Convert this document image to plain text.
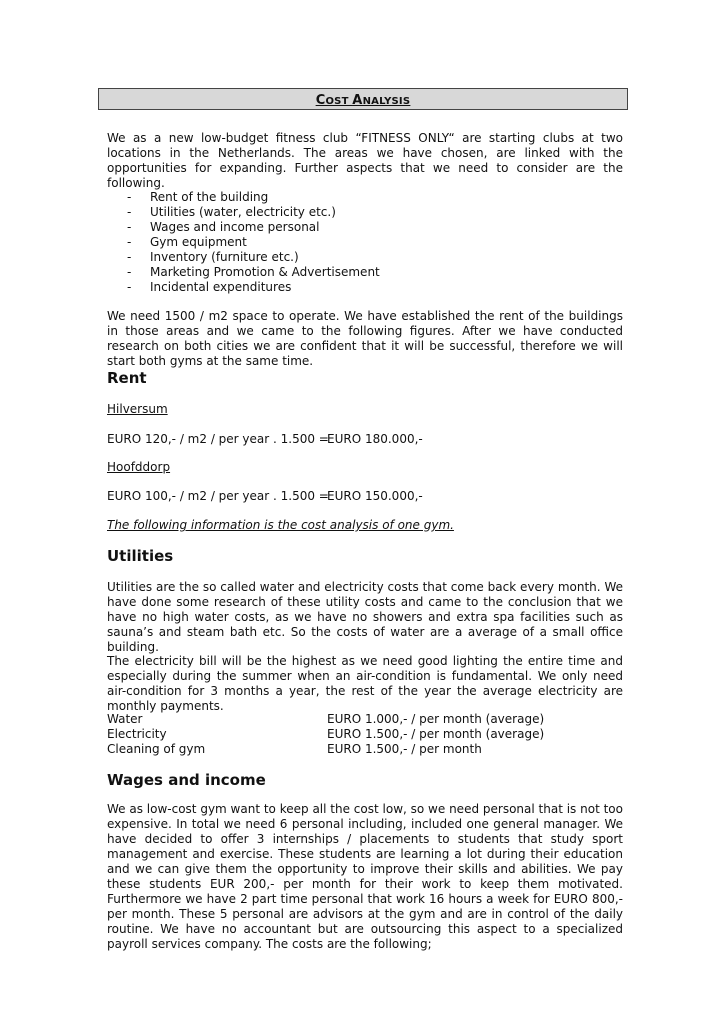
COST ANALYSIS

We as a new low-budget fitness club “FITNESS ONLY“ are starting clubs at two locations in the Netherlands. The areas we have chosen, are linked with the opportunities for expanding. Further aspects that we need to consider are the following.

- Rent of the building
- Utilities (water, electricity etc.)
- Wages and income personal
- Gym equipment
- Inventory (furniture etc.)
- Marketing Promotion & Advertisement
- Incidental expenditures

We need 1500 / m2 space to operate. We have established the rent of the buildings in those areas and we came to the following figures. After we have conducted research on both cities we are confident that it will be successful, therefore we will start both gyms at the same time.

Rent
Hilversum
EURO 120,- / m2 / per year . 1.500 =
EURO 180.000,-
Hoofddorp
EURO 100,- / m2 / per year . 1.500 =
EURO 150.000,-
The following information is the cost analysis of one gym.
Utilities

Utilities are the so called water and electricity costs that come back every month. We have done some research of these utility costs and came to the conclusion that we have no high water costs, as we have no showers and extra spa facilities such as sauna’s and steam bath etc. So the costs of water are a average of a small office building.

The electricity bill will be the highest as we need good lighting the entire time and especially during the summer when an air-condition is fundamental. We only need air-condition for 3 months a year, the rest of the year the average electricity are monthly payments.

Water	EURO 1.000,- / per month (average)
Electricity	EURO 1.500,- / per month (average)
Cleaning of gym	EURO 1.500,- / per month
Wages and income

We as low-cost gym want to keep all the cost low, so we need personal that is not too expensive. In total we need 6 personal including, included one general manager. We have decided to offer 3 internships / placements to students that study sport management and exercise. These students are learning a lot during their education and we can give them the opportunity to improve their skills and abilities. We pay these students EUR 200,- per month for their work to keep them motivated. Furthermore we have 2 part time personal that work 16 hours a week for EURO 800,- per month. These 5 personal are advisors at the gym and are in control of the daily routine. We have no accountant but are outsourcing this aspect to a specialized payroll services company. The costs are the following;
